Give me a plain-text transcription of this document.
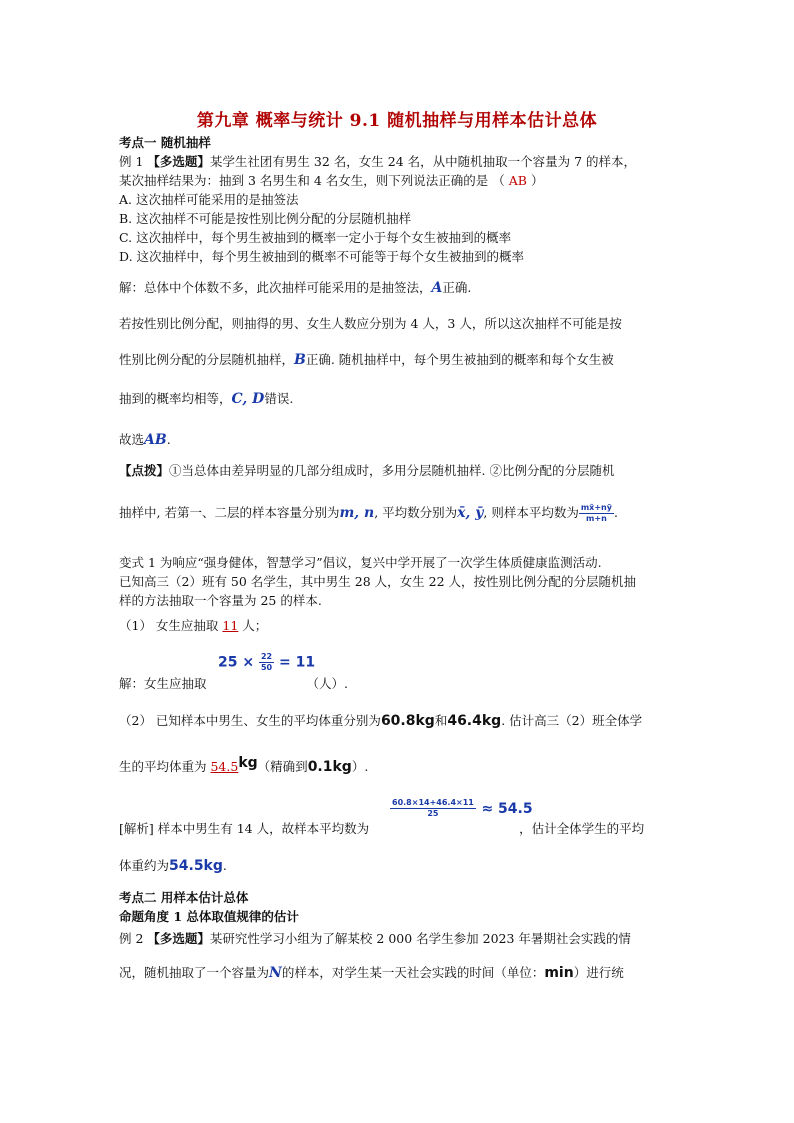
第九章 概率与统计 9.1 随机抽样与用样本估计总体
考点一 随机抽样
例 1 【多选题】某学生社团有男生 32 名，女生 24 名，从中随机抽取一个容量为 7 的样本，
某次抽样结果为：抽到 3 名男生和 4 名女生，则下列说法正确的是 （ AB ）
A. 这次抽样可能采用的是抽签法
B. 这次抽样不可能是按性别比例分配的分层随机抽样
C. 这次抽样中，每个男生被抽到的概率一定小于每个女生被抽到的概率
D. 这次抽样中，每个男生被抽到的概率不可能等于每个女生被抽到的概率
解：总体中个体数不多，此次抽样可能采用的是抽签法，A正确.
若按性别比例分配，则抽得的男、女生人数应分别为 4 人，3 人，所以这次抽样不可能是按
性别比例分配的分层随机抽样，B正确. 随机抽样中，每个男生被抽到的概率和每个女生被
抽到的概率均相等，C, D错误.
故选AB.
【点拨】①当总体由差异明显的几部分组成时，多用分层随机抽样. ②比例分配的分层随机
抽样中, 若第一、二层的样本容量分别为m, n, 平均数分别为x̄, ȳ, 则样本平均数为 $\frac{mx̄+nȳ}{m+n}$ .
变式 1 为响应“强身健体，智慧学习”倡议，复兴中学开展了一次学生体质健康监测活动.
已知高三（2）班有 50 名学生，其中男生 28 人，女生 22 人，按性别比例分配的分层随机抽
样的方法抽取一个容量为 25 的样本.
（1） 女生应抽取 11 人；
$25 \times \frac{22}{50} = 11$
解：女生应抽取	（人）.
（2） 已知样本中男生、女生的平均体重分别为60.8kg和46.4kg. 估计高三（2）班全体学
生的平均体重为 54.5kg（精确到0.1kg）.
$\frac{60.8\times 14+46.4\times 11}{25} \approx 54.5$
[解析] 样本中男生有 14 人，故样本平均数为	，估计全体学生的平均
体重约为54.5kg.
考点二 用样本估计总体
命题角度 1 总体取值规律的估计
例 2 【多选题】某研究性学习小组为了解某校 2 000 名学生参加 2023 年暑期社会实践的情
况，随机抽取了一个容量为N的样本，对学生某一天社会实践的时间（单位：min）进行统
